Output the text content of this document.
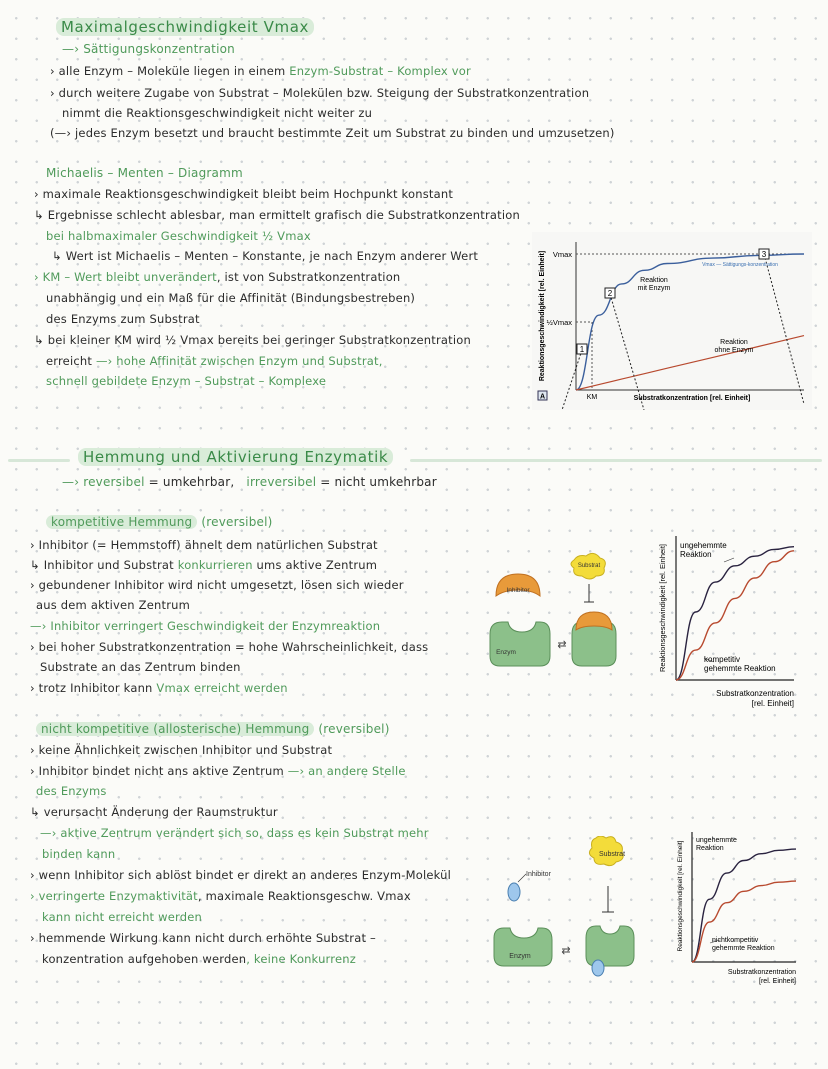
Maximalgeschwindigkeit Vmax
—› Sättigungskonzentration
› alle Enzym – Moleküle liegen in einem Enzym-Substrat – Komplex vor
› durch weitere Zugabe von Substrat – Molekülen bzw. Steigung der Substratkonzentration
nimmt die Reaktionsgeschwindigkeit nicht weiter zu
(—› jedes Enzym besetzt und braucht bestimmte Zeit um Substrat zu binden und umzusetzen)
Michaelis – Menten – Diagramm
› maximale Reaktionsgeschwindigkeit bleibt beim Hochpunkt konstant
↳ Ergebnisse schlecht ablesbar, man ermittelt grafisch die Substratkonzentration
bei halbmaximaler Geschwindigkeit ½ Vmax
↳ Wert ist Michaelis – Menten – Konstante, je nach Enzym anderer Wert
› KM – Wert bleibt unverändert, ist von Substratkonzentration
unabhängig und ein Maß für die Affinität (Bindungsbestreben)
des Enzyms zum Substrat
↳ bei kleiner KM wird ½ Vmax bereits bei geringer Substratkonzentration
erreicht —› hohe Affinität zwischen Enzym und Substrat,
schnell gebildete Enzym – Substrat – Komplexe
1
2
3
Vmax
½Vmax
KM	Substratkonzentration [rel. Einheit]
Reaktionsgeschwindigkeit [rel. Einheit]
A
Reaktion mit Enzym
Reaktion ohne Enzym
Vmax — Sättigungs-konzentration
Hemmung und Aktivierung Enzymatik
—› reversibel = umkehrbar, irreversibel = nicht umkehrbar
kompetitive Hemmung (reversibel)
› Inhibitor (= Hemmstoff) ähnelt dem natürlichen Substrat
↳ Inhibitor und Substrat konkurrieren ums aktive Zentrum
› gebundener Inhibitor wird nicht umgesetzt, lösen sich wieder
aus dem aktiven Zentrum
—› Inhibitor verringert Geschwindigkeit der Enzymreaktion
› bei hoher Substratkonzentration = hohe Wahrscheinlichkeit, dass
Substrate an das Zentrum binden
› trotz Inhibitor kann Vmax erreicht werden
Inhibitor
Enzym
⇄
Substrat
ungehemmte Reaktion
kompetitiv gehemmte Reaktion
Substratkonzentration
[rel. Einheit]
Reaktionsgeschwindigkeit [rel. Einheit]
nicht kompetitive (allosterische) Hemmung (reversibel)
› keine Ähnlichkeit zwischen Inhibitor und Substrat
› Inhibitor bindet nicht ans aktive Zentrum —› an andere Stelle
des Enzyms
↳ verursacht Änderung der Raumstruktur
—› aktive Zentrum verändert sich so, dass es kein Substrat mehr
binden kann
› wenn Inhibitor sich ablöst bindet er direkt an anderes Enzym-Molekül
› verringerte Enzymaktivität, maximale Reaktionsgeschw. Vmax
kann nicht erreicht werden
› hemmende Wirkung kann nicht durch erhöhte Substrat –
konzentration aufgehoben werden, keine Konkurrenz
Inhibitor
Enzym	⇄
Substrat
ungehemmte Reaktion
nichtkompetitiv gehemmte Reaktion
Substratkonzentration
[rel. Einheit]
Reaktionsgeschwindigkeit [rel. Einheit]
